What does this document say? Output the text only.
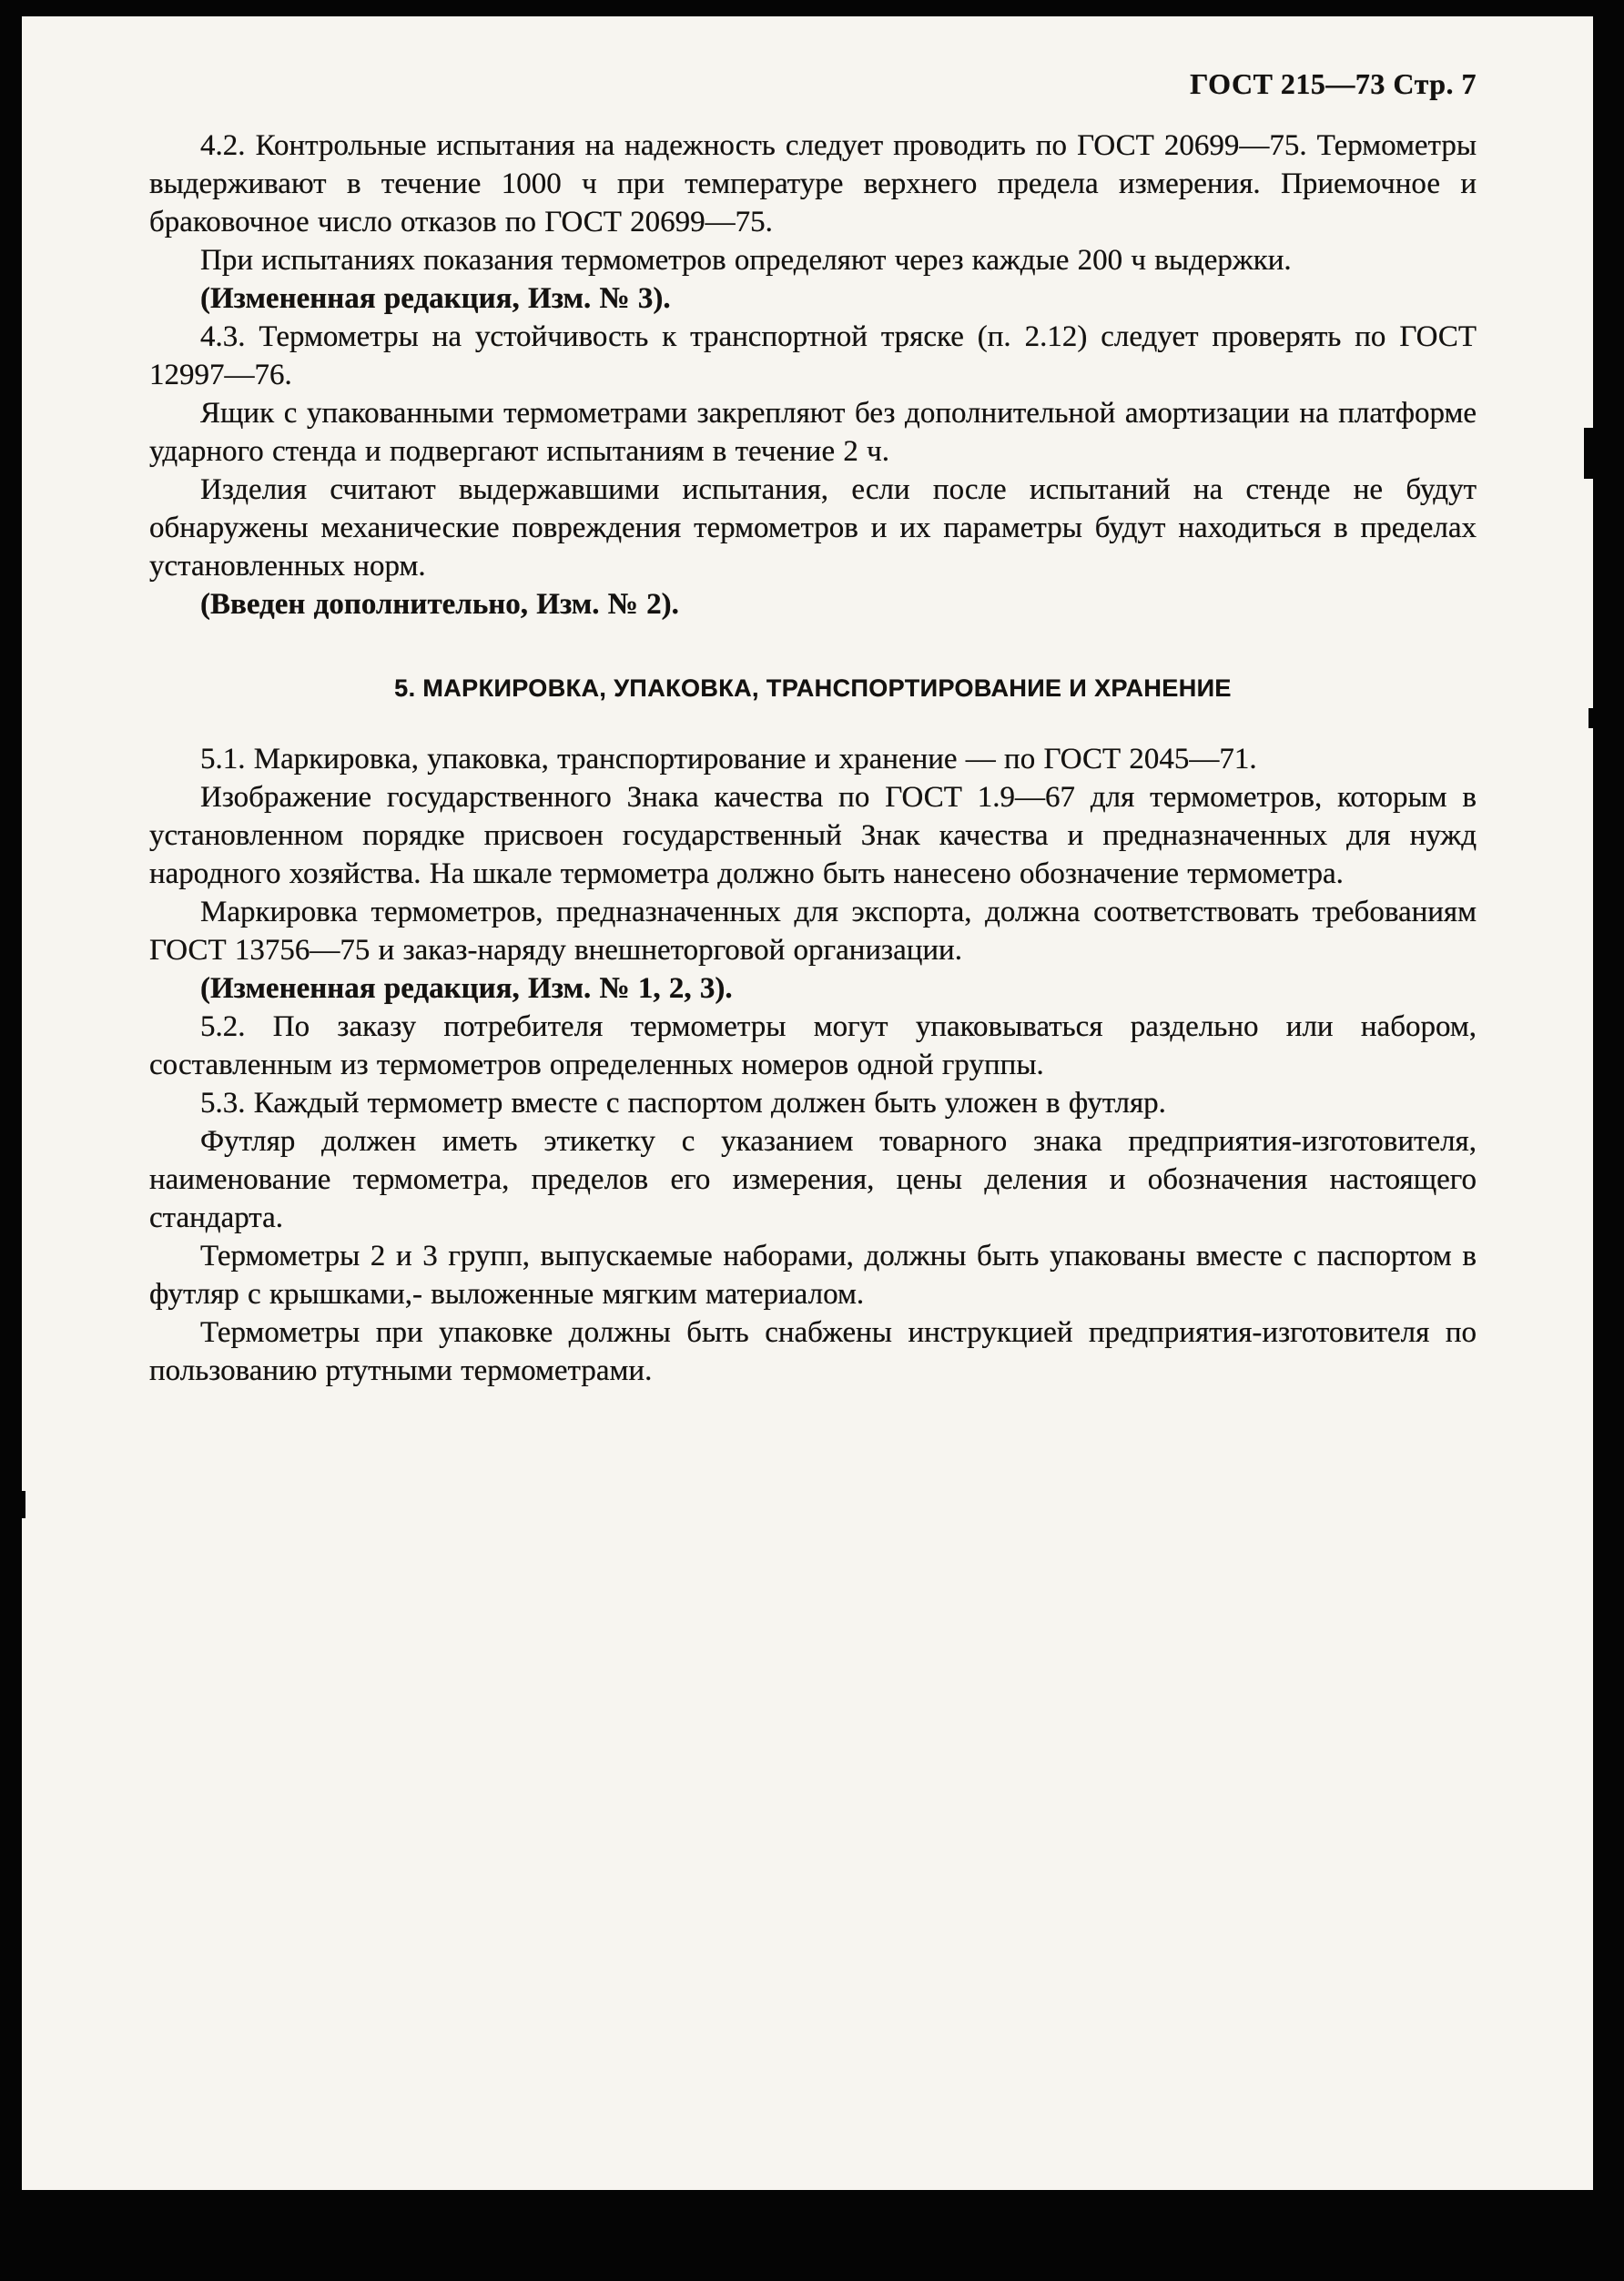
ГОСТ 215—73 Стр. 7

4.2. Контрольные испытания на надежность следует проводить по ГОСТ 20699—75. Термометры выдерживают в течение 1000 ч при температуре верхнего предела измерения. Приемочное и браковочное число отказов по ГОСТ 20699—75.

При испытаниях показания термометров определяют через каждые 200 ч выдержки.

(Измененная редакция, Изм. № 3).

4.3. Термометры на устойчивость к транспортной тряске (п. 2.12) следует проверять по ГОСТ 12997—76.

Ящик с упакованными термометрами закрепляют без дополнительной амортизации на платформе ударного стенда и подвергают испытаниям в течение 2 ч.

Изделия считают выдержавшими испытания, если после испытаний на стенде не будут обнаружены механические повреждения термометров и их параметры будут находиться в пределах установленных норм.

(Введен дополнительно, Изм. № 2).

5. МАРКИРОВКА, УПАКОВКА, ТРАНСПОРТИРОВАНИЕ И ХРАНЕНИЕ

5.1. Маркировка, упаковка, транспортирование и хранение — по ГОСТ 2045—71.

Изображение государственного Знака качества по ГОСТ 1.9—67 для термометров, которым в установленном порядке присвоен государственный Знак качества и предназначенных для нужд народного хозяйства. На шкале термометра должно быть нанесено обозначение термометра.

Маркировка термометров, предназначенных для экспорта, должна соответствовать требованиям ГОСТ 13756—75 и заказ-наряду внешнеторговой организации.

(Измененная редакция, Изм. № 1, 2, 3).

5.2. По заказу потребителя термометры могут упаковываться раздельно или набором, составленным из термометров определенных номеров одной группы.

5.3. Каждый термометр вместе с паспортом должен быть уложен в футляр.

Футляр должен иметь этикетку с указанием товарного знака предприятия-изготовителя, наименование термометра, пределов его измерения, цены деления и обозначения настоящего стандарта.

Термометры 2 и 3 групп, выпускаемые наборами, должны быть упакованы вместе с паспортом в футляр с крышками,- выложенные мягким материалом.

Термометры при упаковке должны быть снабжены инструкцией предприятия-изготовителя по пользованию ртутными термометрами.
